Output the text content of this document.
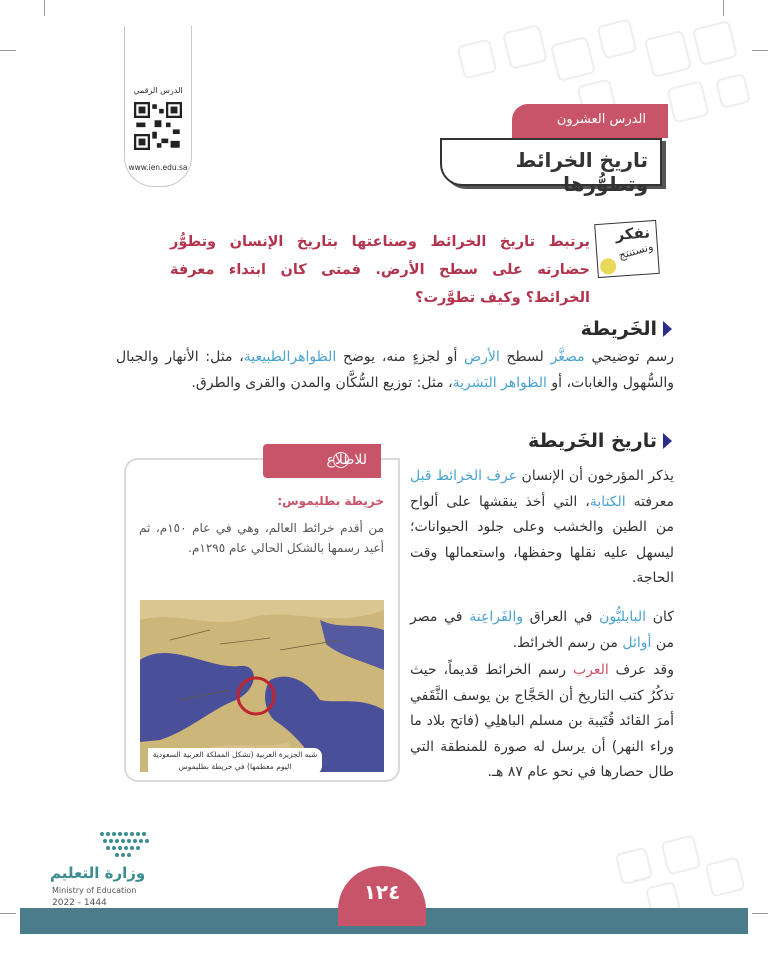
الدرس الرقمي
www.ien.edu.sa
الدرس العشرون
تاريخ الخرائط وتطوُّرها
نفكر
ونستنتج
يرتبط تاريخ الخرائط وصناعتها بتاريخ الإنسان وتطوُّر حضارته على سطح الأرض. فمتى كان ابتداء معرفة الخرائط؟ وكيف تطوَّرت؟
الخَريطة
رسم توضيحي مصغَّر لسطح الأرض أو لجزءٍ منه، يوضح الظواهرالطبيعية، مثل: الأنهار والجبال والسُّهول والغابات، أو الظواهر البَشرية، مثل: توزيع السُّكَّان والمدن والقرى والطرق.
تاريخ الخَريطة
يذكر المؤرخون أن الإنسان عرف الخرائط قبل معرفته الكتابة، التي أخذ ينقشها على ألواح من الطين والخشب وعلى جلود الحيوانات؛ ليسهل عليه نقلها وحفظها، واستعمالها وقت الحاجة.
كان البابليُّون في العراق والفَراعِنة في مصر من أوائل من رسم الخرائط.
وقد عرف العرب رسم الخرائط قديماً، حيث تذكُرُ كتب التاريخ أن الحَجَّاج بن يوسف الثَّقَفي أمرَ القائد قُتَيبة بن مسلم الباهلِي (فاتح بلاد ما وراء النهر) أن يرسل له صورة للمنطقة التي طال حصارها في نحو عام ٨٧ هـ.
خريطة بطليموس:
من أقدم خرائط العالم، وهي في عام ١٥٠م، ثم أعيد رسمها بالشكل الحالي عام ١٢٩٥م.
شبه الجزيرة العربية (تشكل المملكة العربية السعودية اليوم معظمها) في خريطة بطليموس
للاطلاع
١٢٤
وزارة التعليم
Ministry of Education
2022 - 1444
